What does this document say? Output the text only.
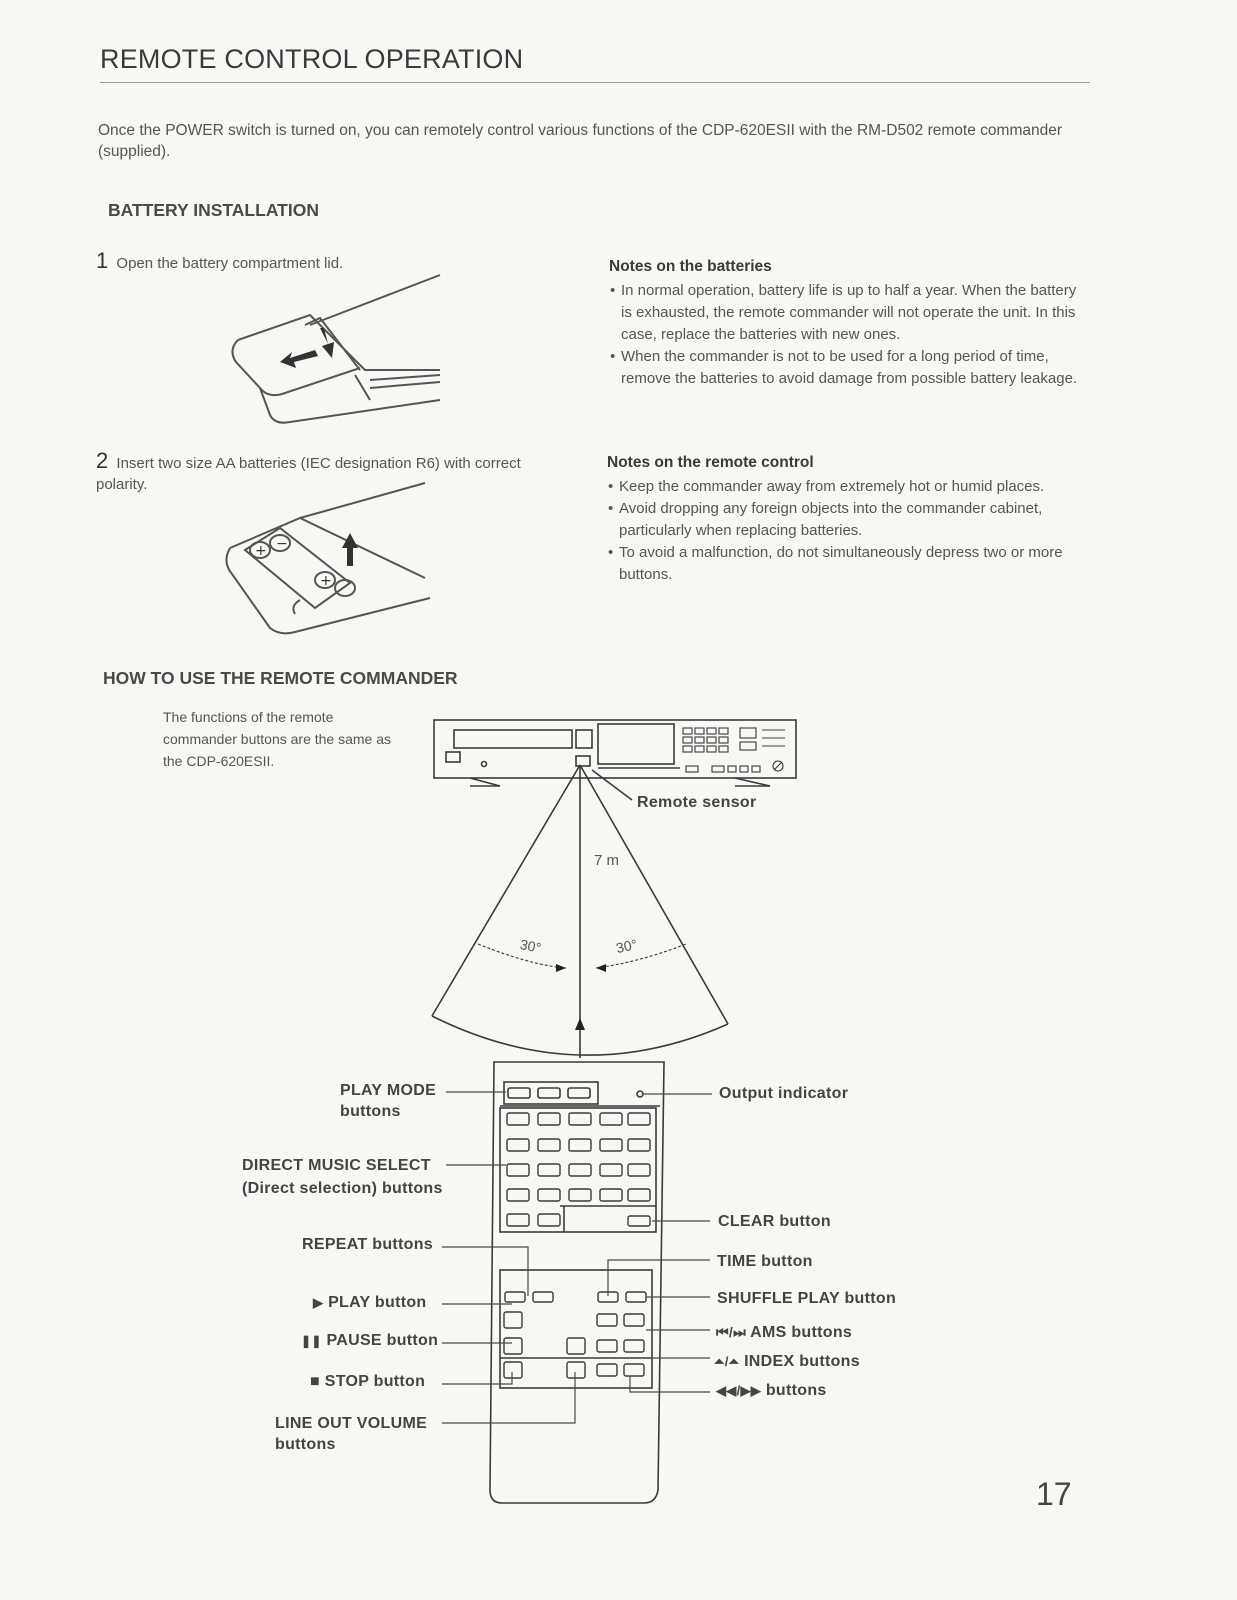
REMOTE CONTROL OPERATION
Once the POWER switch is turned on, you can remotely control various functions of the CDP-620ESII with the RM-D502 remote commander (supplied).
BATTERY INSTALLATION
1 Open the battery compartment lid.
2 Insert two size AA batteries (IEC designation R6) with correct polarity.
+ −
+
Notes on the batteries
• In normal operation, battery life is up to half a year. When the battery is exhausted, the remote commander will not operate the unit. In this case, replace the batteries with new ones.
• When the commander is not to be used for a long period of time, remove the batteries to avoid damage from possible battery leakage.
Notes on the remote control
• Keep the commander away from extremely hot or humid places.
• Avoid dropping any foreign objects into the commander cabinet, particularly when replacing batteries.
• To avoid a malfunction, do not simultaneously depress two or more buttons.
HOW TO USE THE REMOTE COMMANDER
The functions of the remote commander buttons are the same as the CDP-620ESII.
Remote sensor
7 m
30°	30°
PLAY MODE
buttons
DIRECT MUSIC SELECT
(Direct selection) buttons
REPEAT buttons
▶ PLAY button
❚❚ PAUSE button
■ STOP button
LINE OUT VOLUME
buttons
Output indicator
CLEAR button
TIME button
SHUFFLE PLAY button
⏮/⏭ AMS buttons
⏶/⏶ INDEX buttons
◀◀/▶▶ buttons
17
